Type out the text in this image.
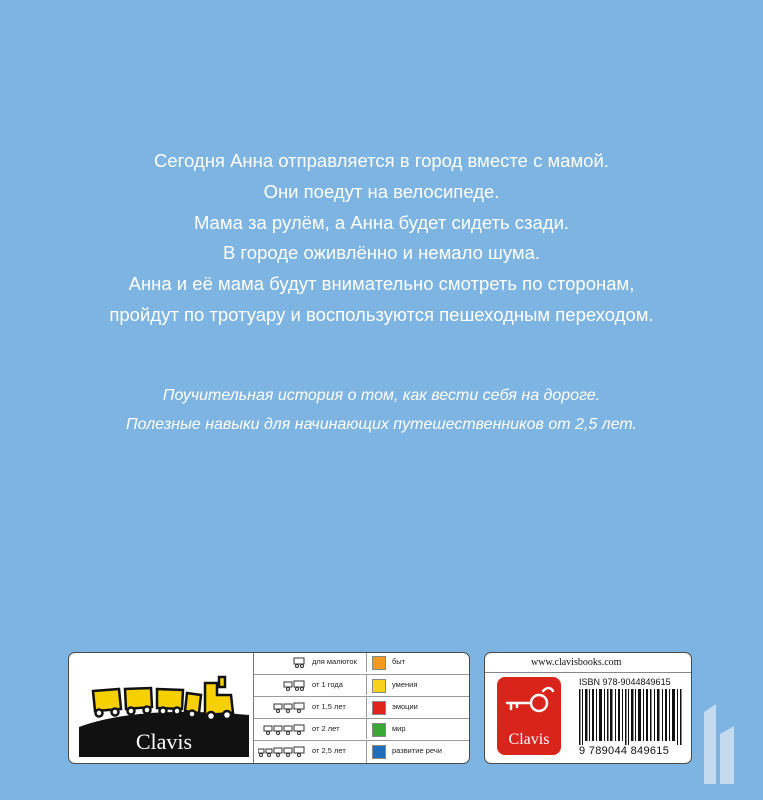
Сегодня Анна отправляется в город вместе с мамой.
Они поедут на велосипеде.
Мама за рулём, а Анна будет сидеть сзади.
В городе оживлённо и немало шума.
Анна и её мама будут внимательно смотреть по сторонам,
пройдут по тротуару и воспользуются пешеходным переходом.
Поучительная история о том, как вести себя на дороге.
Полезные навыки для начинающих путешественников от 2,5 лет.
Clavis
для малюток	быт
от 1 года	умения
от 1,5 лет	эмоции
от 2 лет	мир
от 2,5 лет	развитие речи
www.clavisbooks.com
Clavis
ISBN 978-9044849615
9 789044 849615
